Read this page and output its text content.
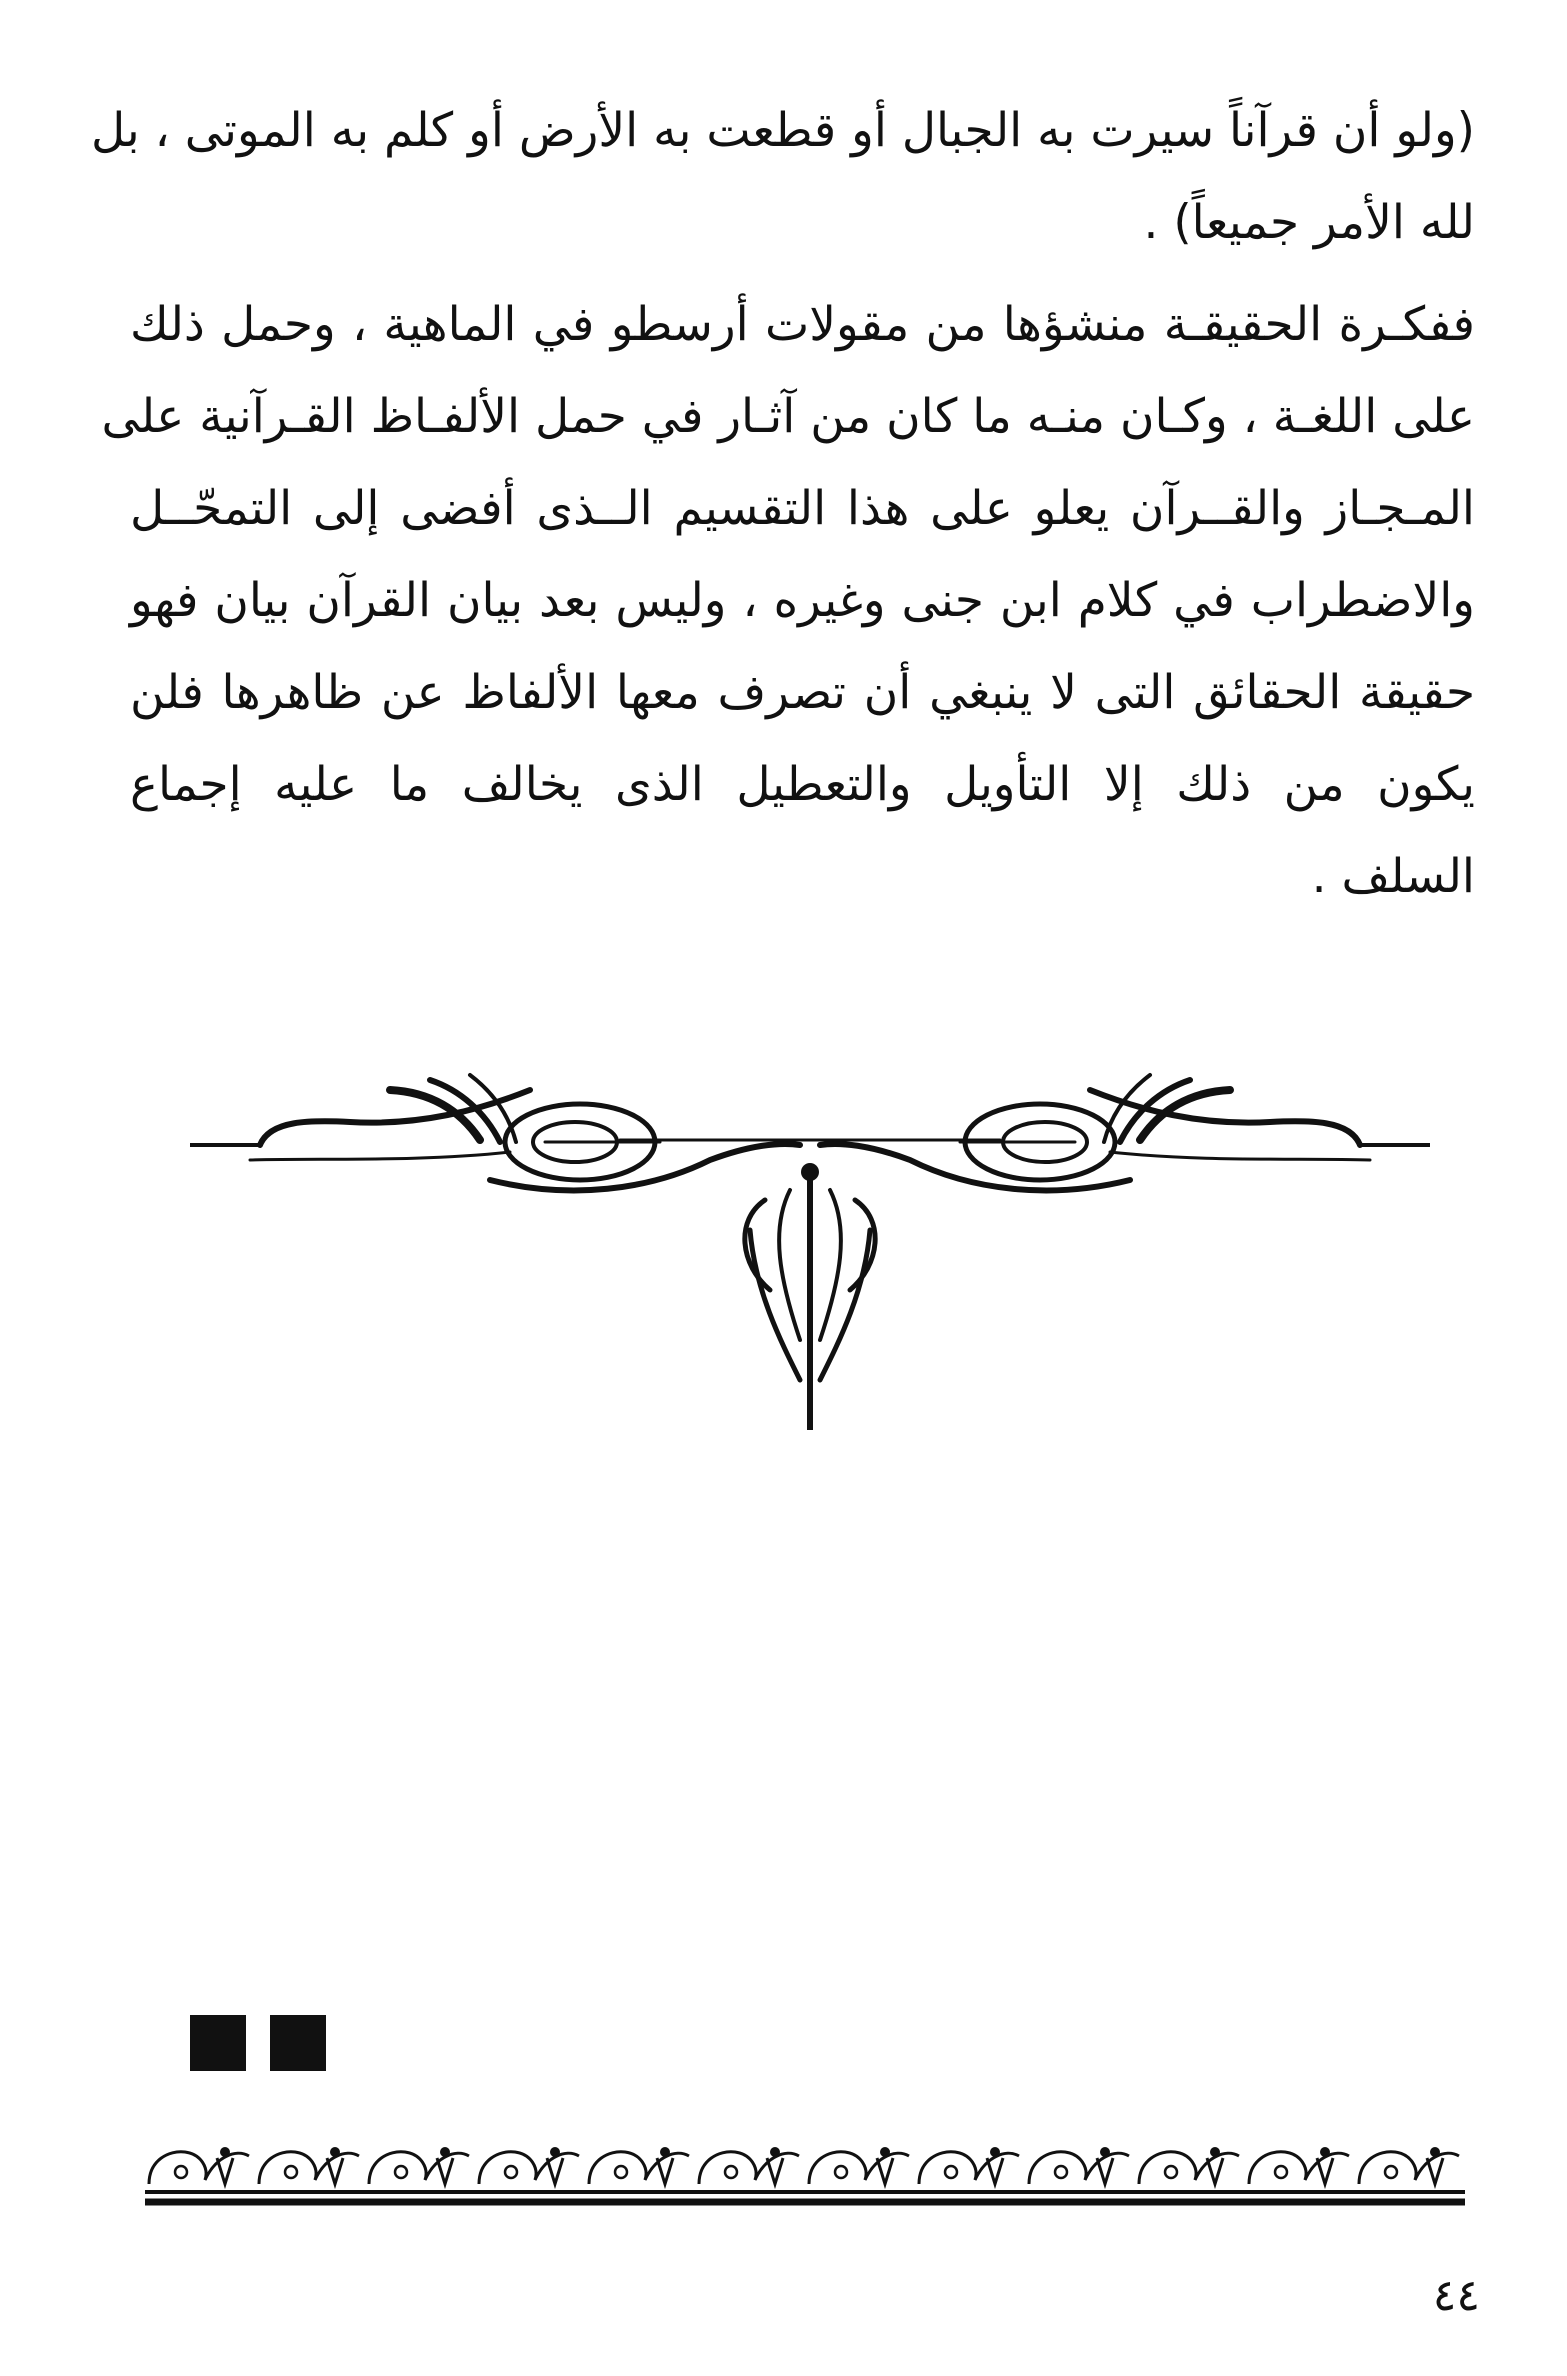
(ولو أن قرآناً سيرت به الجبال أو قطعت به الأرض أو كلم به الموتى ، بل
لله الأمر جميعاً) .
ففكـرة الحقيقـة منشؤها من مقولات أرسطو في الماهية ، وحمل ذلك
على اللغـة ، وكـان منـه ما كان من آثـار في حمل الألفـاظ القـرآنية على
المـجـاز والقــرآن يعلو على هذا التقسيم الــذى أفضى إلى التمحّــل
والاضطراب في كلام ابن جنى وغيره ، وليس بعد بيان القرآن بيان فهو
حقيقة الحقائق التى لا ينبغي أن تصرف معها الألفاظ عن ظاهرها فلن
يكون من ذلك إلا التأويل والتعطيل الذى يخالف ما عليه إجماع
السلف .
٤٤
